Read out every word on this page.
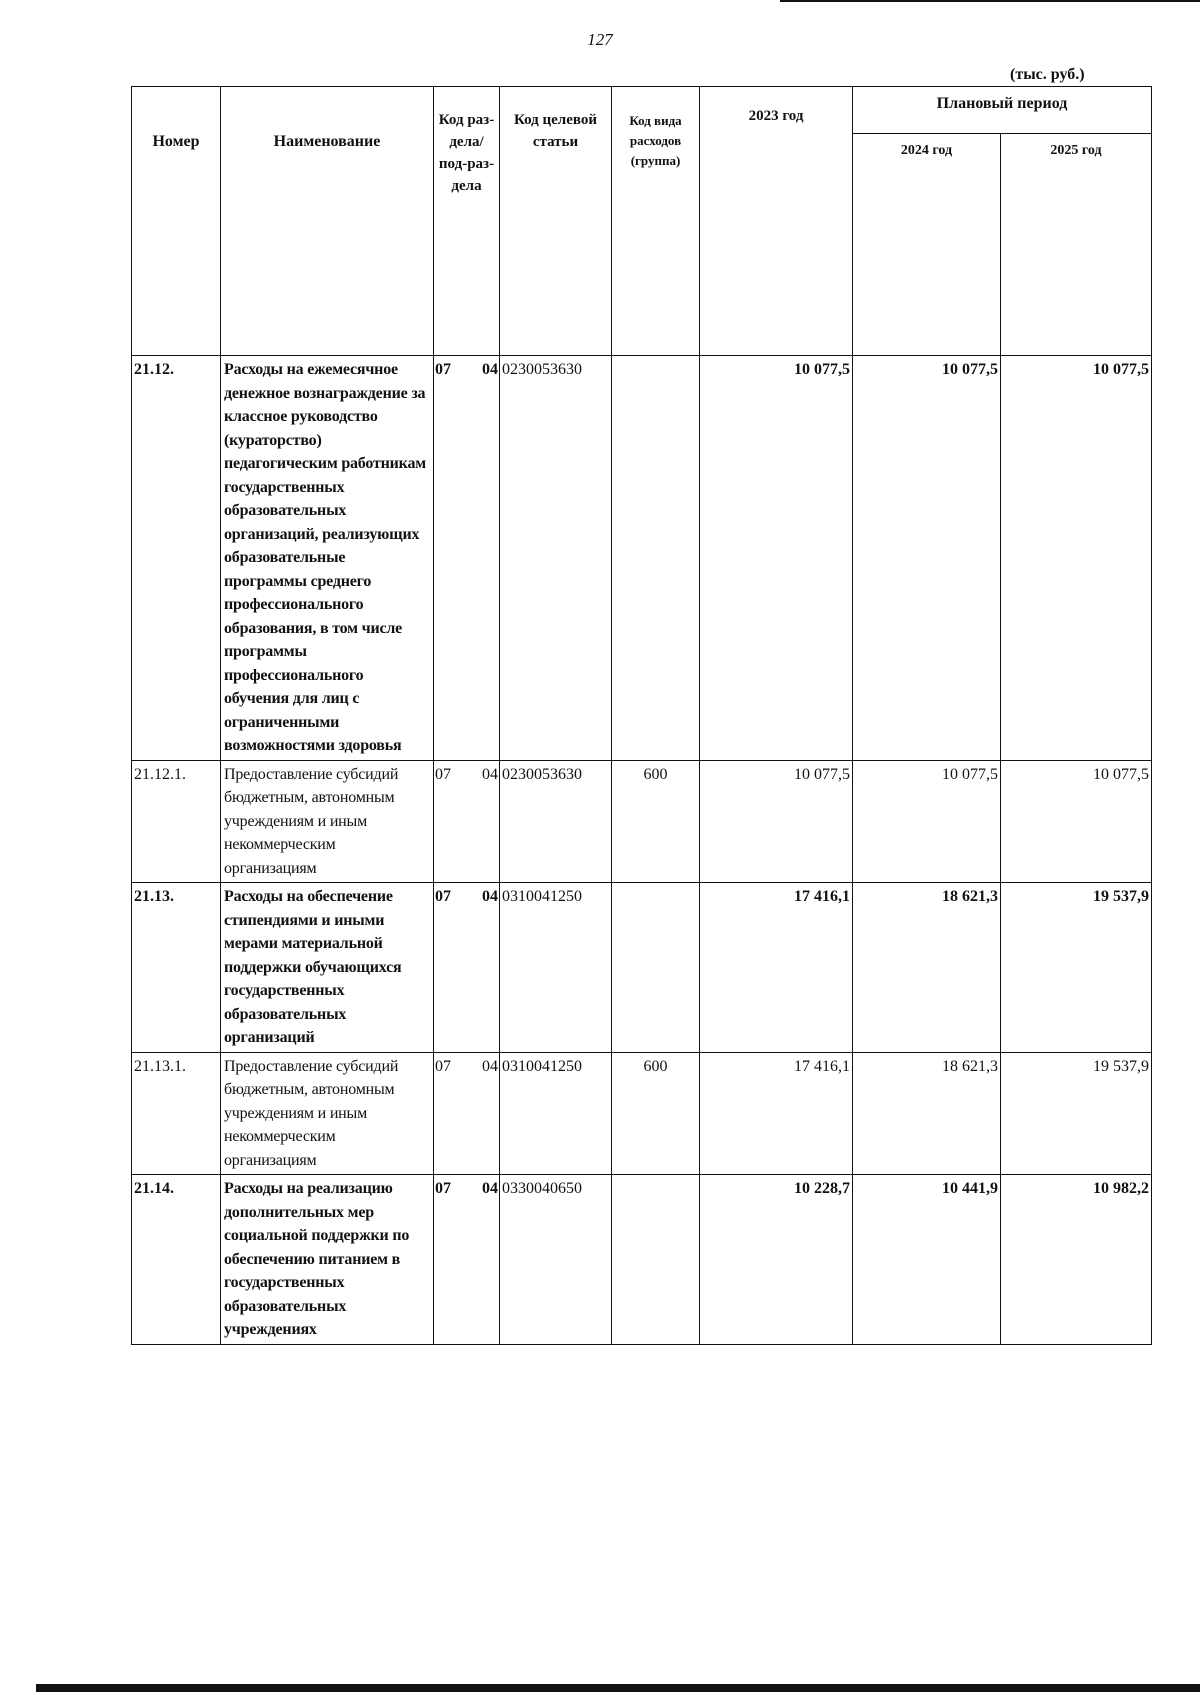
127
(тыс. руб.)
Номер	Наименование	Код раз-дела/ под-раз-дела		Код целевой статьи	Код вида расходов (группа)	2023 год	Плановый период	
							2024 год	2025 год
21.12.	Расходы на ежемесячное денежное вознаграждение за классное руководство (кураторство) педагогическим работникам государственных образовательных организаций, реализующих образовательные программы среднего профессионального образования, в том числе программы профессионального обучения для лиц с ограниченными возможностями здоровья	07	04	0230053630		10 077,5	10 077,5	10 077,5
21.12.1.	Предоставление субсидий бюджетным, автономным учреждениям и иным некоммерческим организациям	07	04	0230053630	600	10 077,5	10 077,5	10 077,5
21.13.	Расходы на обеспечение стипендиями и иными мерами материальной поддержки обучающихся государственных образовательных организаций	07	04	0310041250		17 416,1	18 621,3	19 537,9
21.13.1.	Предоставление субсидий бюджетным, автономным учреждениям и иным некоммерческим организациям	07	04	0310041250	600	17 416,1	18 621,3	19 537,9
21.14.	Расходы на реализацию дополнительных мер социальной поддержки по обеспечению питанием в государственных образовательных учреждениях	07	04	0330040650		10 228,7	10 441,9	10 982,2
